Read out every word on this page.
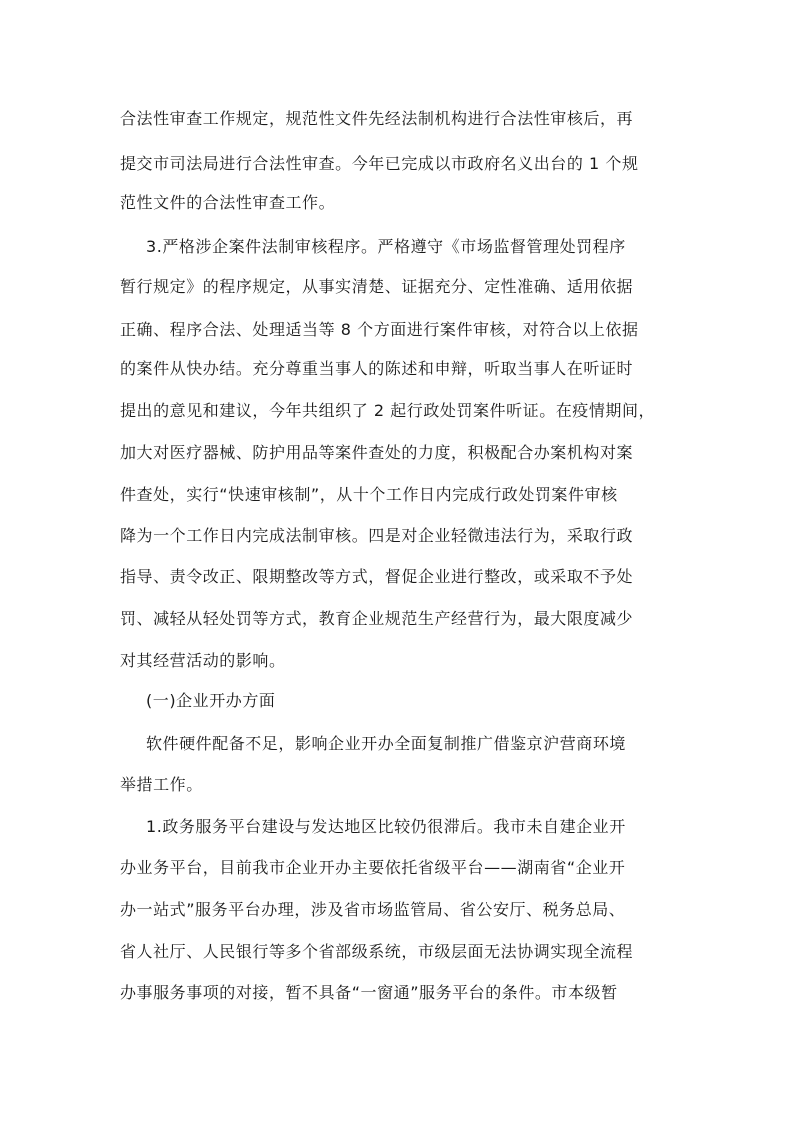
合法性审查工作规定，规范性文件先经法制机构进行合法性审核后，再
提交市司法局进行合法性审查。今年已完成以市政府名义出台的 1 个规
范性文件的合法性审查工作。
3.严格涉企案件法制审核程序。严格遵守《市场监督管理处罚程序
暂行规定》的程序规定，从事实清楚、证据充分、定性准确、适用依据
正确、程序合法、处理适当等 8 个方面进行案件审核，对符合以上依据
的案件从快办结。充分尊重当事人的陈述和申辩，听取当事人在听证时
提出的意见和建议，今年共组织了 2 起行政处罚案件听证。在疫情期间，
加大对医疗器械、防护用品等案件查处的力度，积极配合办案机构对案
件查处，实行“快速审核制”，从十个工作日内完成行政处罚案件审核
降为一个工作日内完成法制审核。四是对企业轻微违法行为，采取行政
指导、责令改正、限期整改等方式，督促企业进行整改，或采取不予处
罚、减轻从轻处罚等方式，教育企业规范生产经营行为，最大限度减少
对其经营活动的影响。
(一)企业开办方面
软件硬件配备不足，影响企业开办全面复制推广借鉴京沪营商环境
举措工作。
1.政务服务平台建设与发达地区比较仍很滞后。我市未自建企业开
办业务平台，目前我市企业开办主要依托省级平台——湖南省“企业开
办一站式”服务平台办理，涉及省市场监管局、省公安厅、税务总局、
省人社厅、人民银行等多个省部级系统，市级层面无法协调实现全流程
办事服务事项的对接，暂不具备“一窗通”服务平台的条件。市本级暂
